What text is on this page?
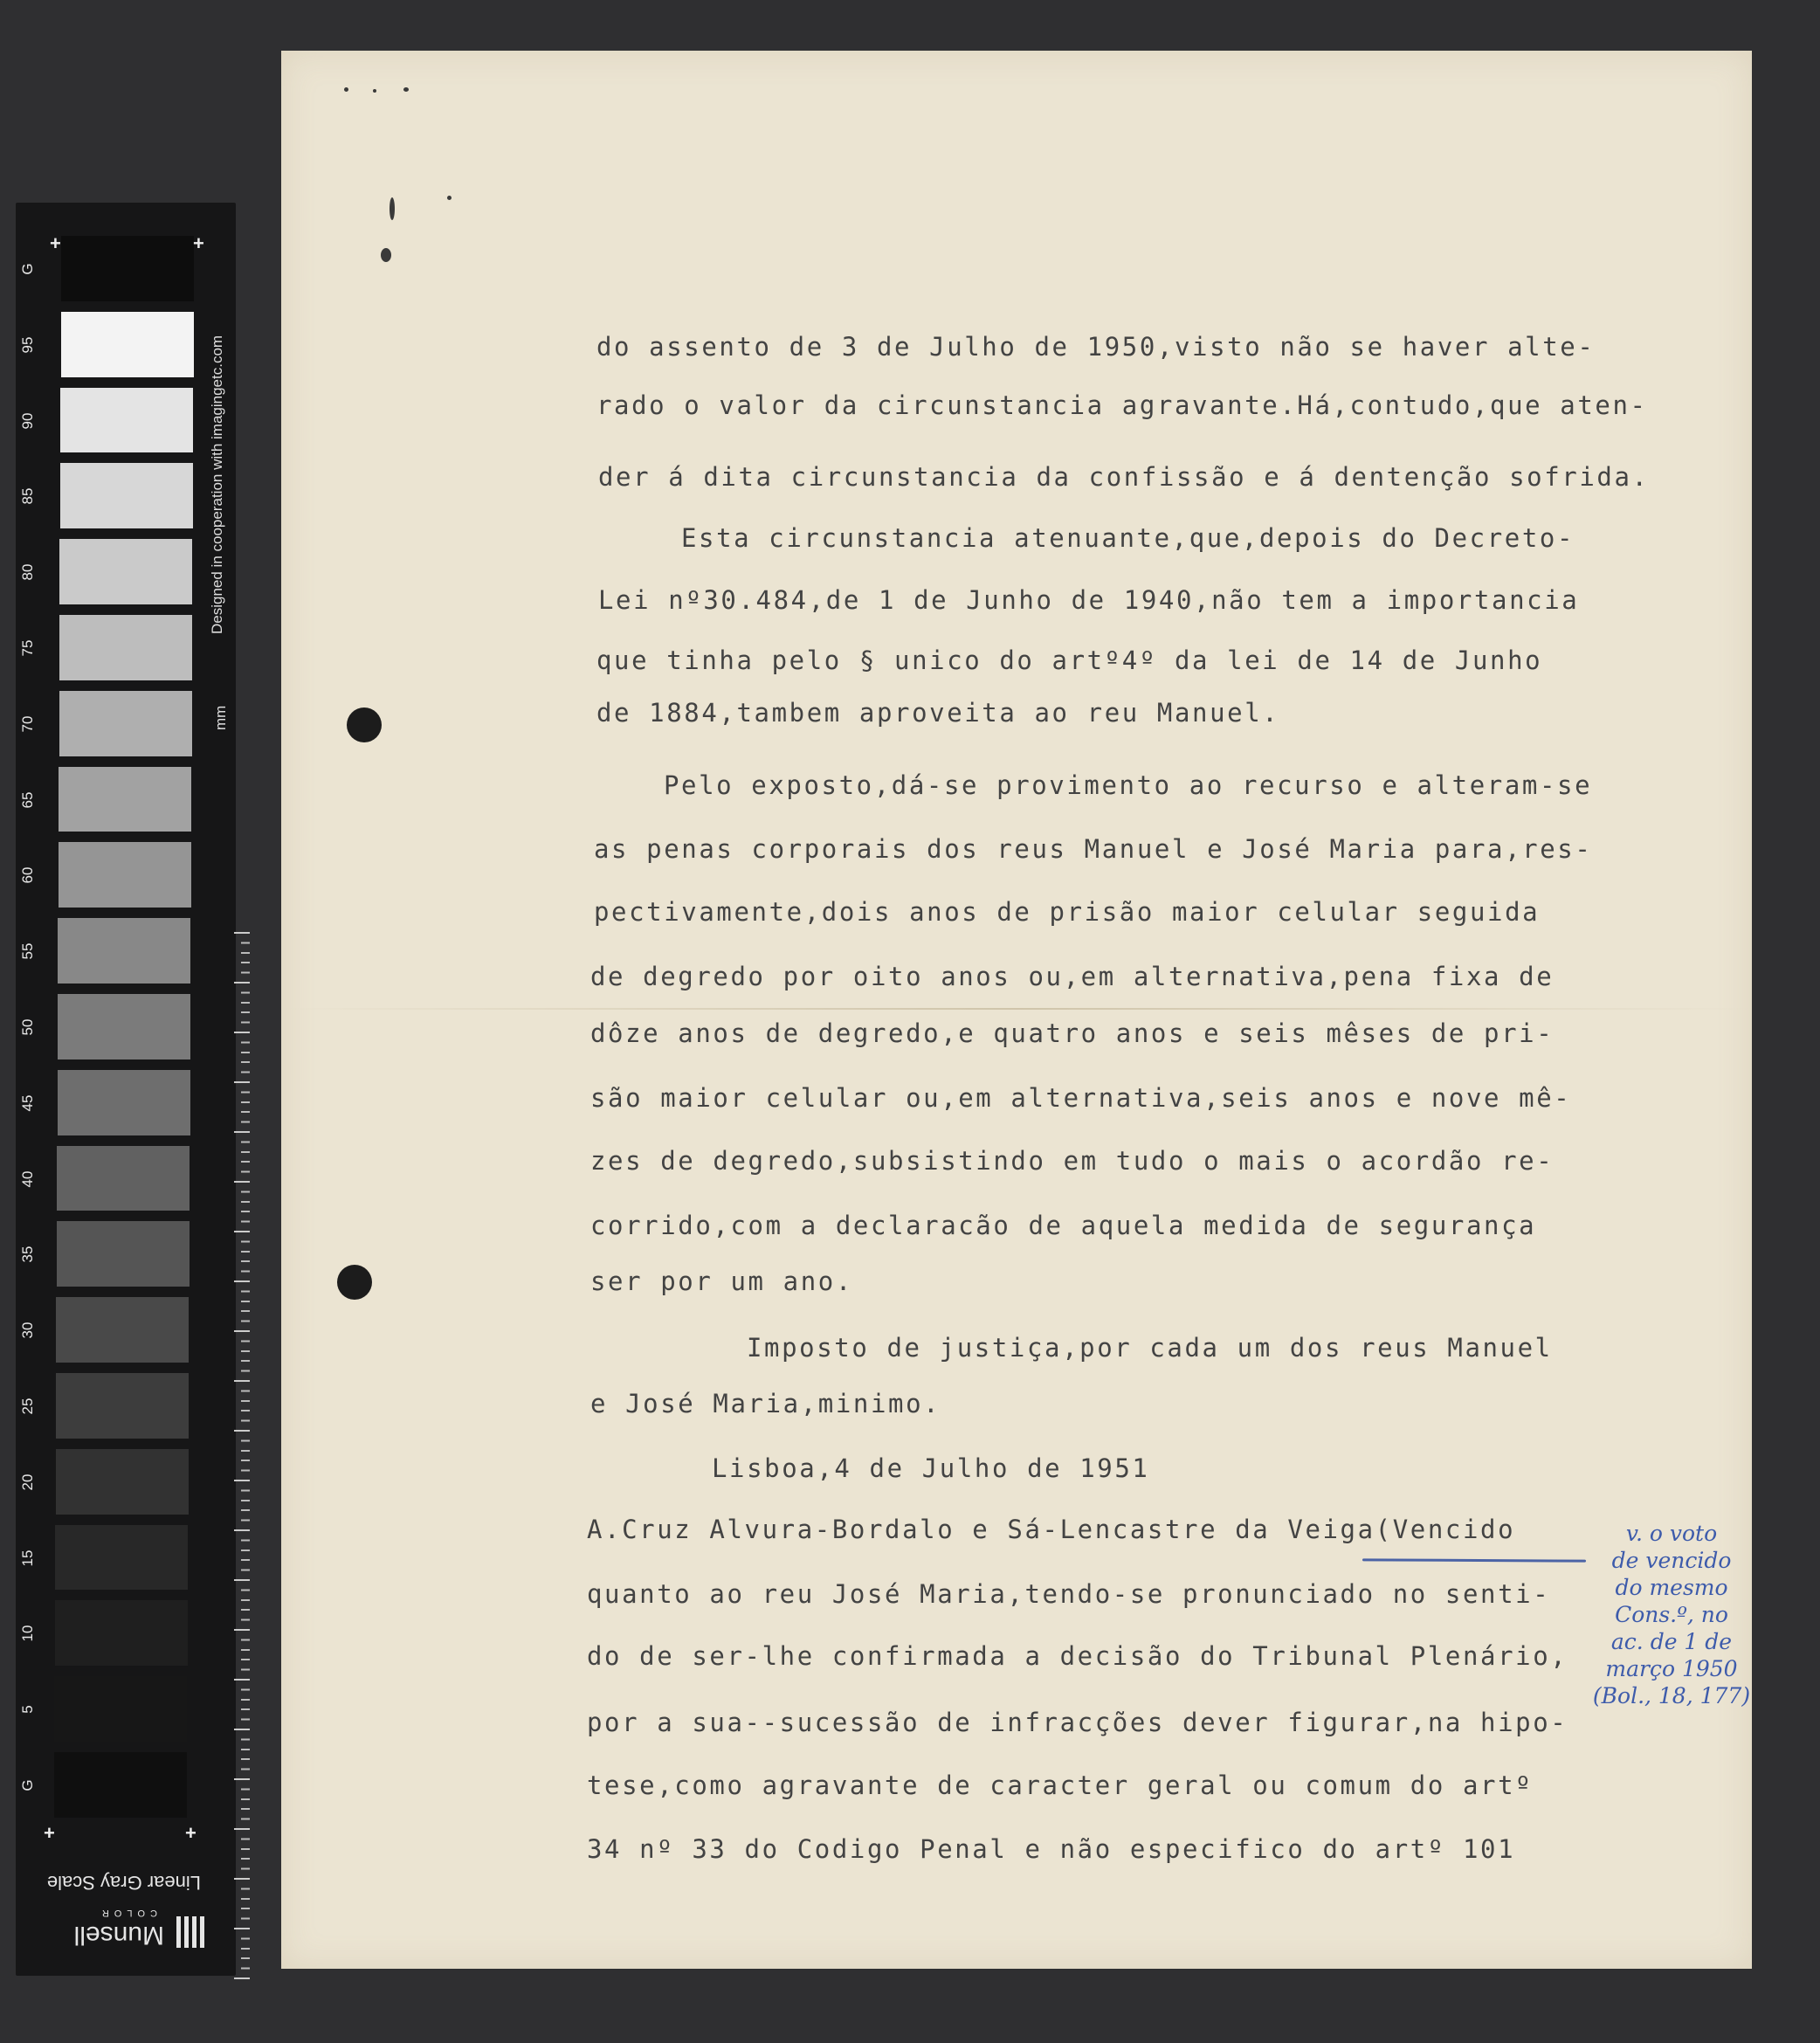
G
95
90
85
80
75
70
65
60
55
50
45
40
35
30
25
20
15
10
5
G
+	+
+	+
Designed in cooperation with imagingetc.com
mm
Munsell
COLOR
Linear Gray Scale
do assento de 3 de Julho de 1950,visto não se haver alte-
rado o valor da circunstancia agravante.Há,contudo,que aten-
der á dita circunstancia da confissão e á dentenção sofrida.
Esta circunstancia atenuante,que,depois do Decreto-
Lei nº30.484,de 1 de Junho de 1940,não tem a importancia
que tinha pelo § unico do artº4º da lei de 14 de Junho
de 1884,tambem aproveita ao reu Manuel.
Pelo exposto,dá-se provimento ao recurso e alteram-se
as penas corporais dos reus Manuel e José Maria para,res-
pectivamente,dois anos de prisão maior celular seguida
de degredo por oito anos ou,em alternativa,pena fixa de
dôze anos de degredo,e quatro anos e seis mêses de pri-
são maior celular ou,em alternativa,seis anos e nove mê-
zes de degredo,subsistindo em tudo o mais o acordão re-
corrido,com a declaracão de aquela medida de segurança
ser por um ano.
Imposto de justiça,por cada um dos reus Manuel
e José Maria,minimo.
A.Cruz Alvura-Bordalo e Sá-Lencastre da Veiga(Vencido
quanto ao reu José Maria,tendo-se pronunciado no senti-
do de ser-lhe confirmada a decisão do Tribunal Plenário,
por a sua--sucessão de infracções dever figurar,na hipo-
tese,como agravante de caracter geral ou comum do artº
34 nº 33 do Codigo Penal e não especifico do artº 101
Lisboa,4 de Julho de 1951
v. o voto
de vencido
do mesmo
Cons.º, no
ac. de 1 de
março 1950
(Bol., 18, 177)
